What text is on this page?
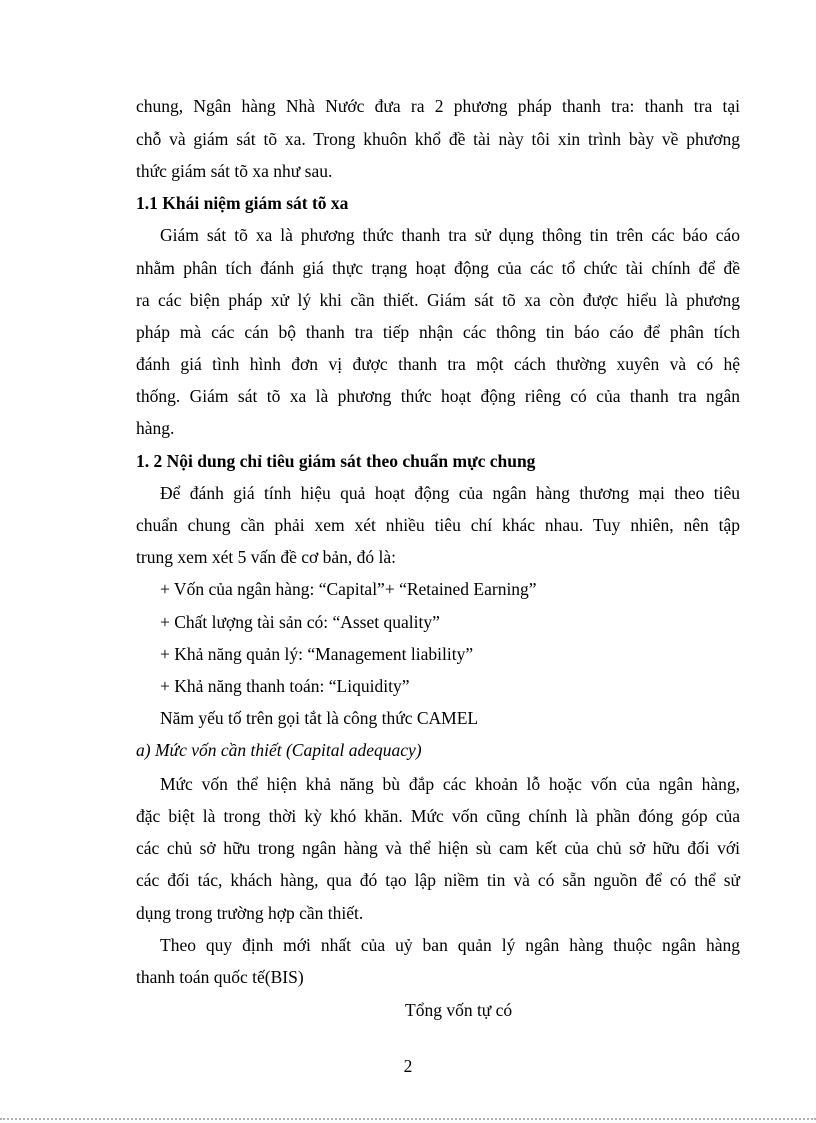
chung, Ngân hàng Nhà Nước đưa ra 2 phương pháp thanh tra: thanh tra tại
chỗ và giám sát tõ xa. Trong khuôn khổ đề tài này tôi xin trình bày về phương
thức giám sát tõ xa như sau.
1.1 Khái niệm giám sát tõ xa
Giám sát tõ xa là phương thức thanh tra sử dụng thông tin trên các báo cáo
nhằm phân tích đánh giá thực trạng hoạt động của các tổ chức tài chính để đề
ra các biện pháp xử lý khi cần thiết. Giám sát tõ xa còn được hiểu là phương
pháp mà các cán bộ thanh tra tiếp nhận các thông tin báo cáo để phân tích
đánh giá tình hình đơn vị được thanh tra một cách thường xuyên và có hệ
thống. Giám sát tõ xa là phương thức hoạt động riêng có của thanh tra ngân
hàng.
1. 2 Nội dung chỉ tiêu giám sát theo chuẩn mực chung
Để đánh giá tính hiệu quả hoạt động của ngân hàng thương mại theo tiêu
chuẩn chung cần phải xem xét nhiều tiêu chí khác nhau. Tuy nhiên, nên tập
trung xem xét 5 vấn đề cơ bản, đó là:
+ Vốn của ngân hàng: “Capital”+ “Retained Earning”
+ Chất lượng tài sản có: “Asset quality”
+ Khả năng quản lý: “Management liability”
+ Khả năng thanh toán: “Liquidity”
Năm yếu tố trên gọi tắt là công thức CAMEL
a) Mức vốn cần thiết (Capital adequacy)
Mức vốn thể hiện khả năng bù đắp các khoản lỗ hoặc vốn của ngân hàng,
đặc biệt là trong thời kỳ khó khăn. Mức vốn cũng chính là phần đóng góp của
các chủ sở hữu trong ngân hàng và thể hiện sù cam kết của chủ sở hữu đối với
các đối tác, khách hàng, qua đó tạo lập niềm tin và có sẵn nguồn để có thể sử
dụng trong trường hợp cần thiết.
Theo quy định mới nhất của uỷ ban quản lý ngân hàng thuộc ngân hàng
thanh toán quốc tế(BIS)
Tổng vốn tự có
2
